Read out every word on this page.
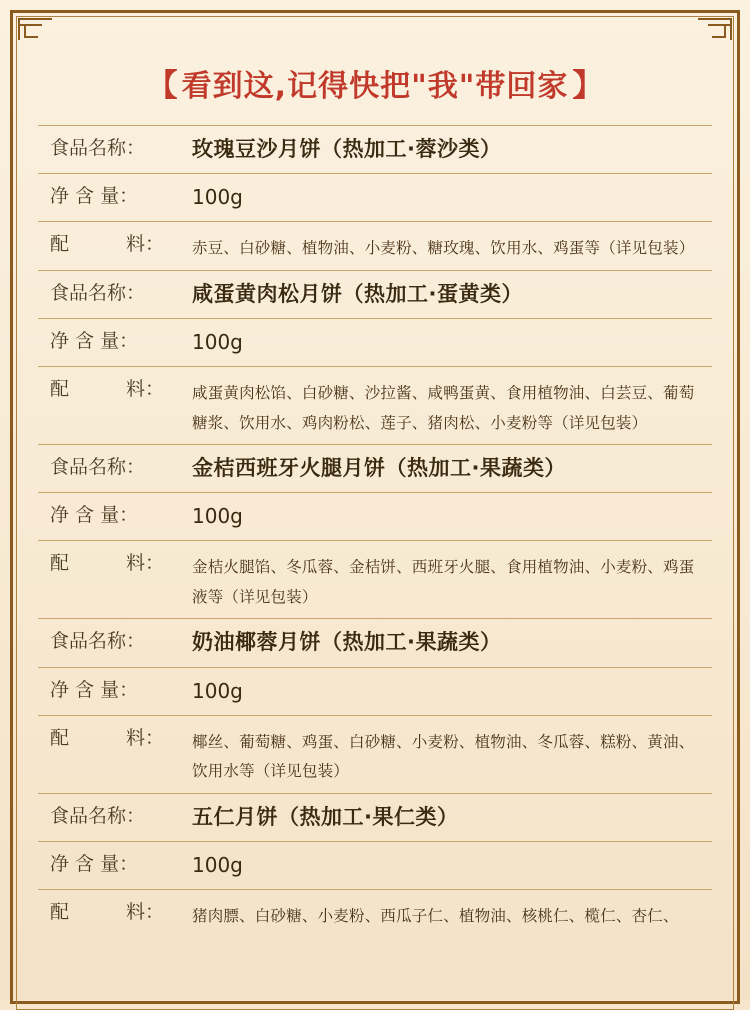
【 看到这,记得快把"我"带回家 】
食品名称：	玫瑰豆沙月饼（热加工·蓉沙类）
净 含 量：	100g
配　　　料：	赤豆、白砂糖、植物油、小麦粉、糖玫瑰、饮用水、鸡蛋等（详见包装）
食品名称：	咸蛋黄肉松月饼（热加工·蛋黄类）
净 含 量：	100g
配　　　料：	咸蛋黄肉松馅、白砂糖、沙拉酱、咸鸭蛋黄、食用植物油、白芸豆、葡萄糖浆、饮用水、鸡肉粉松、莲子、猪肉松、小麦粉等（详见包装）
食品名称：	金桔西班牙火腿月饼（热加工·果蔬类）
净 含 量：	100g
配　　　料：	金桔火腿馅、冬瓜蓉、金桔饼、西班牙火腿、食用植物油、小麦粉、鸡蛋液等（详见包装）
食品名称：	奶油椰蓉月饼（热加工·果蔬类）
净 含 量：	100g
配　　　料：	椰丝、葡萄糖、鸡蛋、白砂糖、小麦粉、植物油、冬瓜蓉、糕粉、黄油、饮用水等（详见包装）
食品名称：	五仁月饼（热加工·果仁类）
净 含 量：	100g
配　　　料：	猪肉膘、白砂糖、小麦粉、西瓜子仁、植物油、核桃仁、榄仁、杏仁、
